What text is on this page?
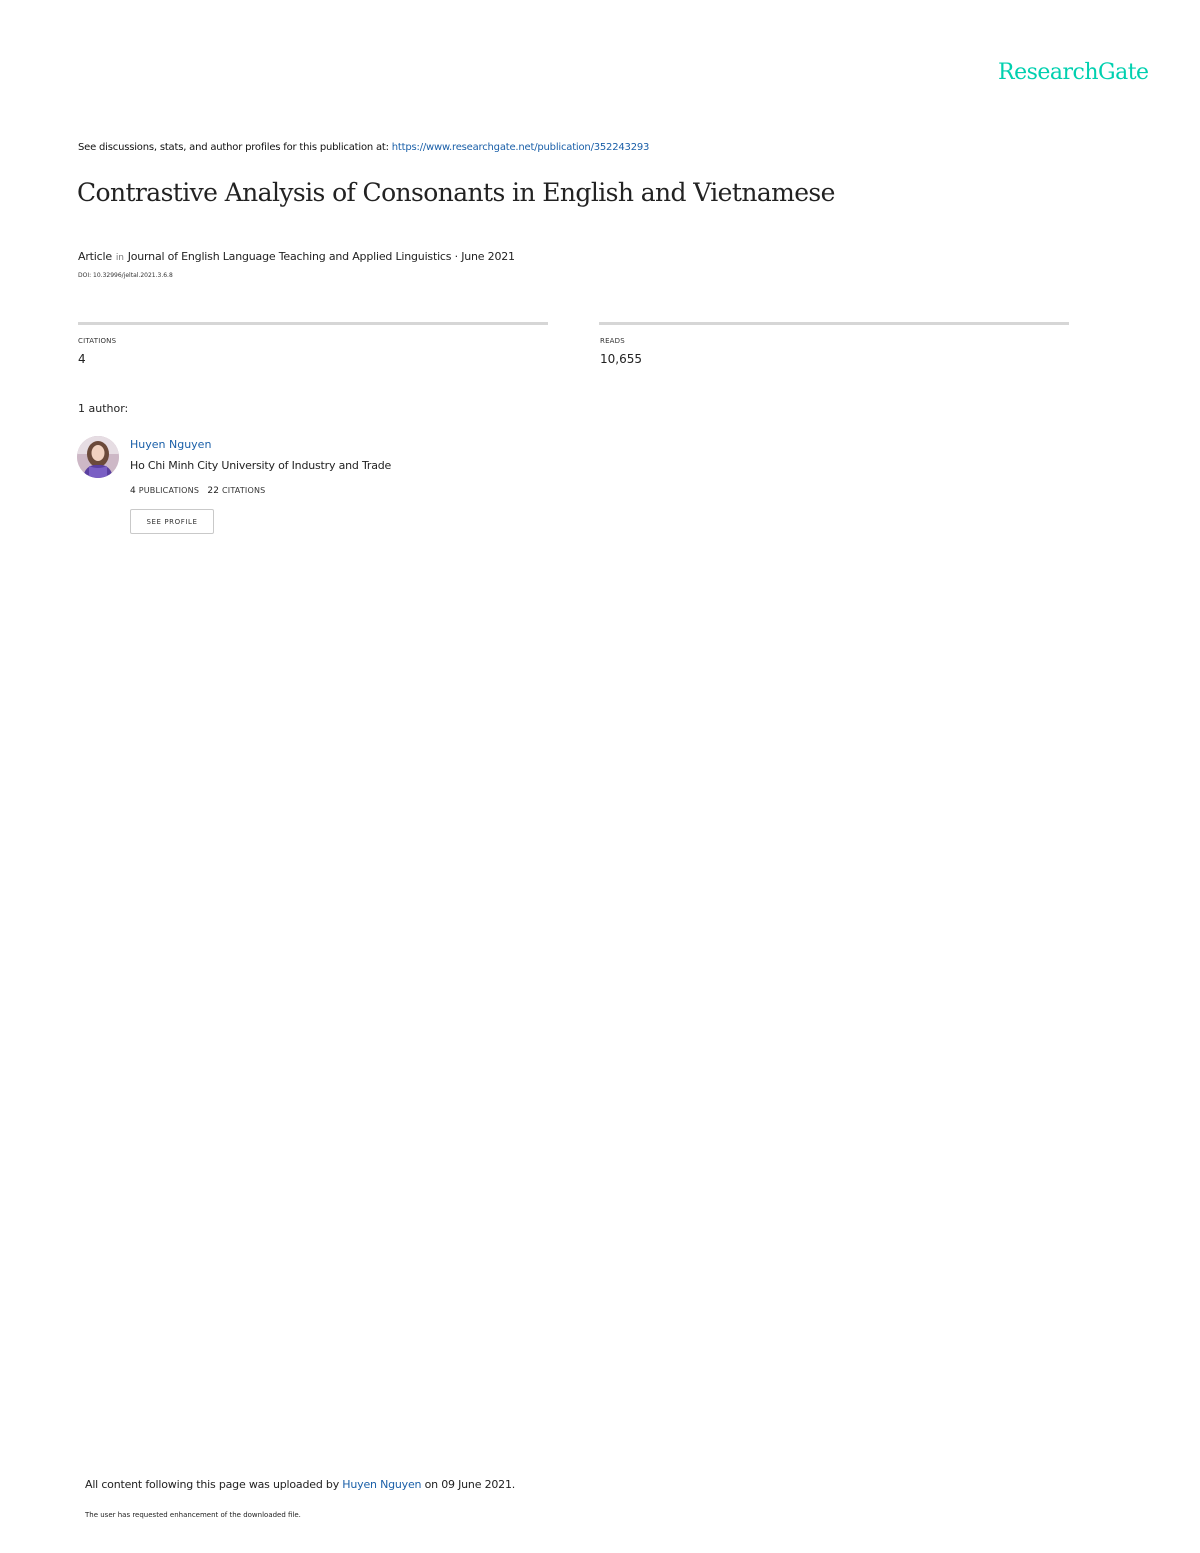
ResearchGate
See discussions, stats, and author profiles for this publication at: https://www.researchgate.net/publication/352243293
Contrastive Analysis of Consonants in English and Vietnamese
Article in Journal of English Language Teaching and Applied Linguistics · June 2021
DOI: 10.32996/jeltal.2021.3.6.8
CITATIONS
4
READS
10,655
1 author:
Huyen Nguyen
Ho Chi Minh City University of Industry and Trade
4 PUBLICATIONS 22 CITATIONS
SEE PROFILE
All content following this page was uploaded by Huyen Nguyen on 09 June 2021.
The user has requested enhancement of the downloaded file.
